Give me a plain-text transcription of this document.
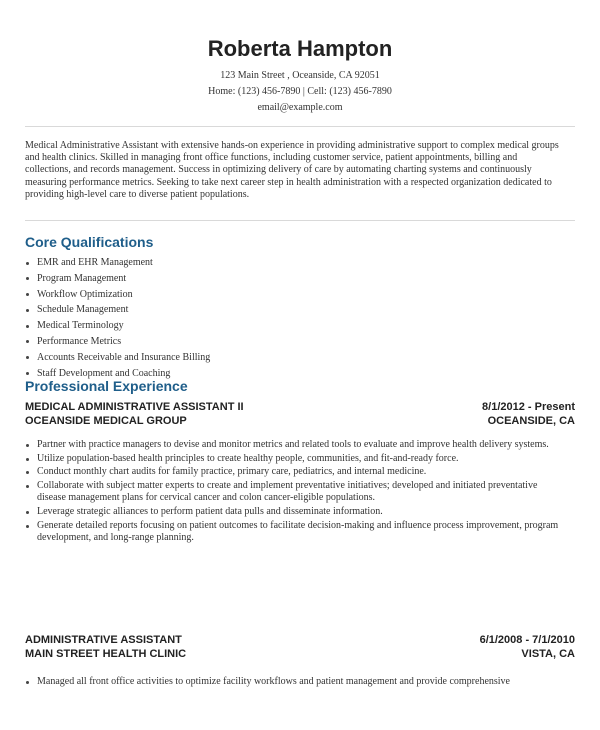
Roberta Hampton
123 Main Street , Oceanside, CA 92051
Home: (123) 456-7890 | Cell: (123) 456-7890
email@example.com

Medical Administrative Assistant with extensive hands-on experience in providing administrative support to complex medical groups and health clinics. Skilled in managing front office functions, including customer service, patient appointments, billing and collections, and records management. Success in optimizing delivery of care by automating charting systems and continuously measuring performance metrics. Seeking to take next career step in health administration with a respected organization dedicated to providing high-level care to diverse patient populations.

Core Qualifications
EMR and EHR Management
Program Management
Workflow Optimization
Schedule Management
Medical Terminology
Performance Metrics
Accounts Receivable and Insurance Billing
Staff Development and Coaching
Professional Experience
MEDICAL ADMINISTRATIVE ASSISTANT II	8/1/2012 - Present
OCEANSIDE MEDICAL GROUP	OCEANSIDE, CA
Partner with practice managers to devise and monitor metrics and related tools to evaluate and improve health delivery systems.
Utilize population-based health principles to create healthy people, communities, and fit-and-ready force.
Conduct monthly chart audits for family practice, primary care, pediatrics, and internal medicine.
Collaborate with subject matter experts to create and implement preventative initiatives; developed and initiated preventative disease management plans for cervical cancer and colon cancer-eligible populations.
Leverage strategic alliances to perform patient data pulls and disseminate information.
Generate detailed reports focusing on patient outcomes to facilitate decision-making and influence process improvement, program development, and long-range planning.
ADMINISTRATIVE ASSISTANT	6/1/2008 - 7/1/2010
MAIN STREET HEALTH CLINIC	VISTA, CA
Managed all front office activities to optimize facility workflows and patient management and provide comprehensive
